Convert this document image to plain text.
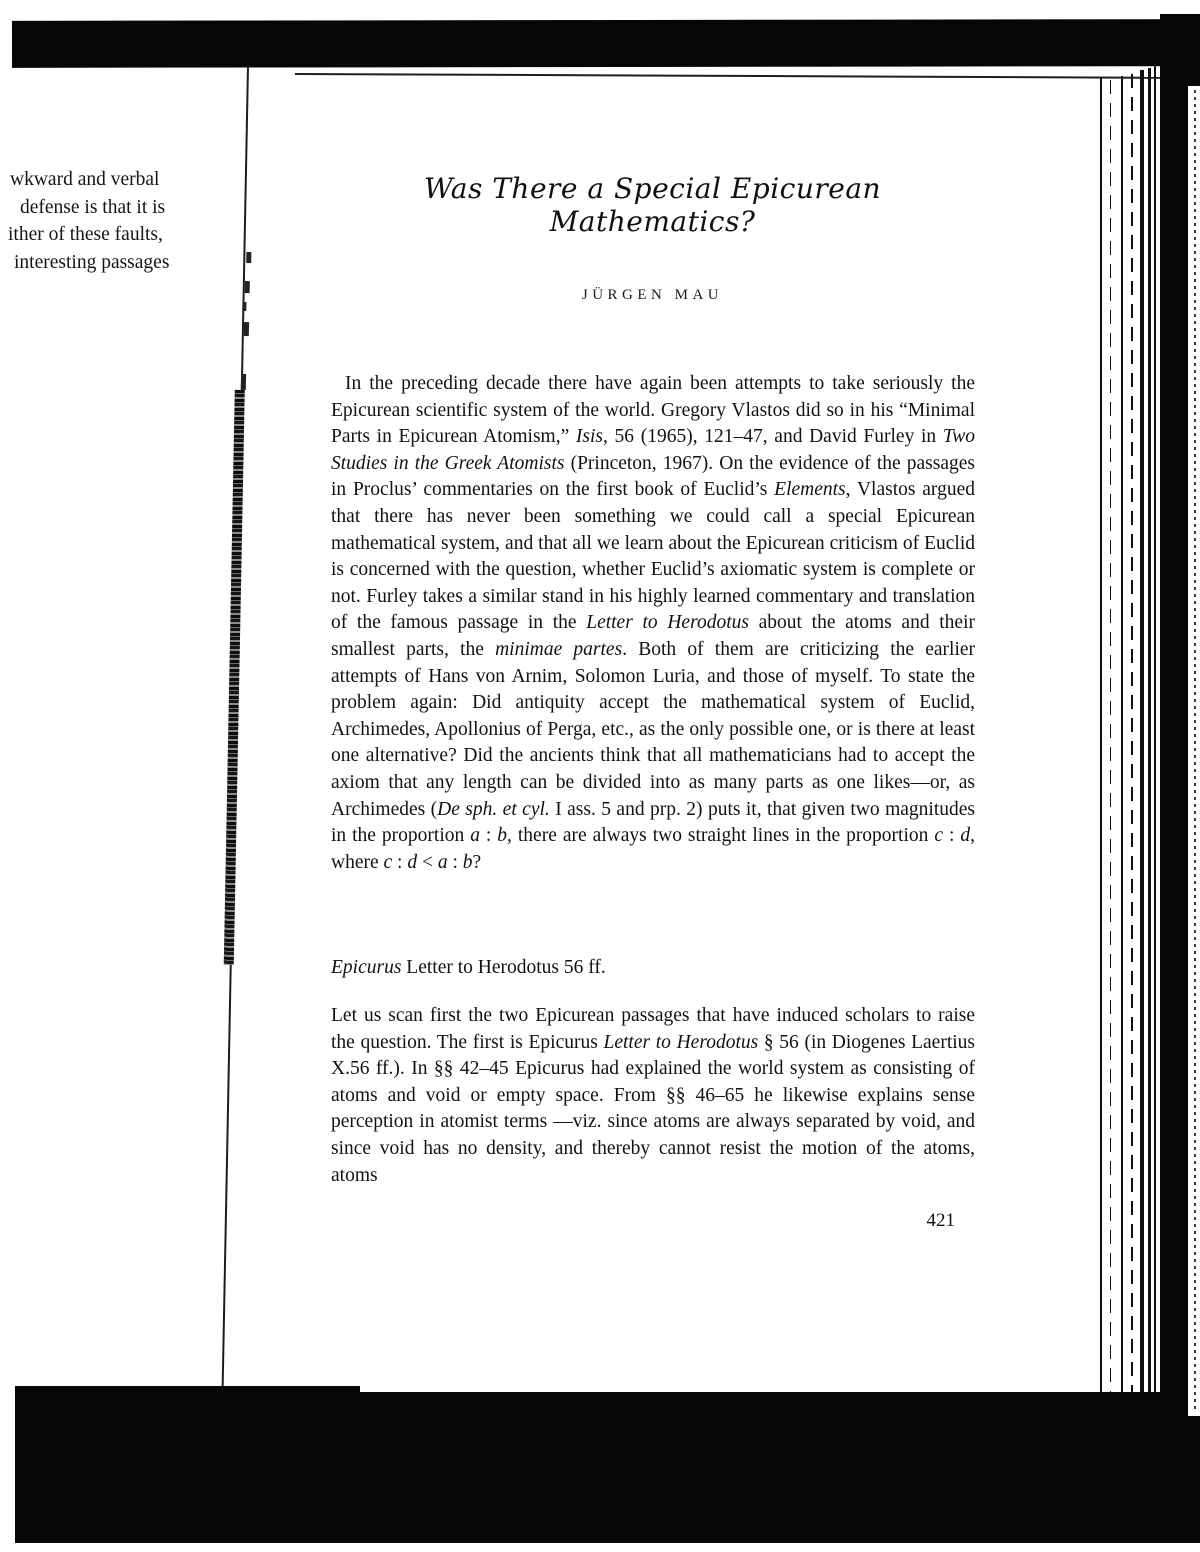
wkward and verbal
defense is that it is
ither of these faults,
interesting passages
Was There a Special Epicurean Mathematics?
JÜRGEN MAU
In the preceding decade there have again been attempts to take seriously the Epicurean scientific system of the world. Gregory Vlastos did so in his “Minimal Parts in Epicurean Atomism,” Isis, 56 (1965), 121–47, and David Furley in Two Studies in the Greek Atomists (Princeton, 1967). On the evidence of the passages in Proclus’ commentaries on the first book of Euclid’s Elements, Vlastos argued that there has never been something we could call a special Epicurean mathematical system, and that all we learn about the Epicurean criticism of Euclid is concerned with the question, whether Euclid’s axiomatic system is complete or not. Furley takes a similar stand in his highly learned commentary and translation of the famous passage in the Letter to Herodotus about the atoms and their smallest parts, the minimae partes. Both of them are criticizing the earlier attempts of Hans von Arnim, Solomon Luria, and those of myself. To state the problem again: Did antiquity accept the mathematical system of Euclid, Archimedes, Apollonius of Perga, etc., as the only possible one, or is there at least one alternative? Did the ancients think that all mathematicians had to accept the axiom that any length can be divided into as many parts as one likes—or, as Archimedes (De sph. et cyl. I ass. 5 and prp. 2) puts it, that given two magnitudes in the proportion a : b, there are always two straight lines in the proportion c : d, where c : d < a : b?
Epicurus Letter to Herodotus 56 ff.
Let us scan first the two Epicurean passages that have induced scholars to raise the question. The first is Epicurus Letter to Herodotus § 56 (in Diogenes Laertius X.56 ff.). In §§ 42–45 Epicurus had explained the world system as consisting of atoms and void or empty space. From §§ 46–65 he likewise explains sense perception in atomist terms —viz. since atoms are always separated by void, and since void has no density, and thereby cannot resist the motion of the atoms, atoms
421
